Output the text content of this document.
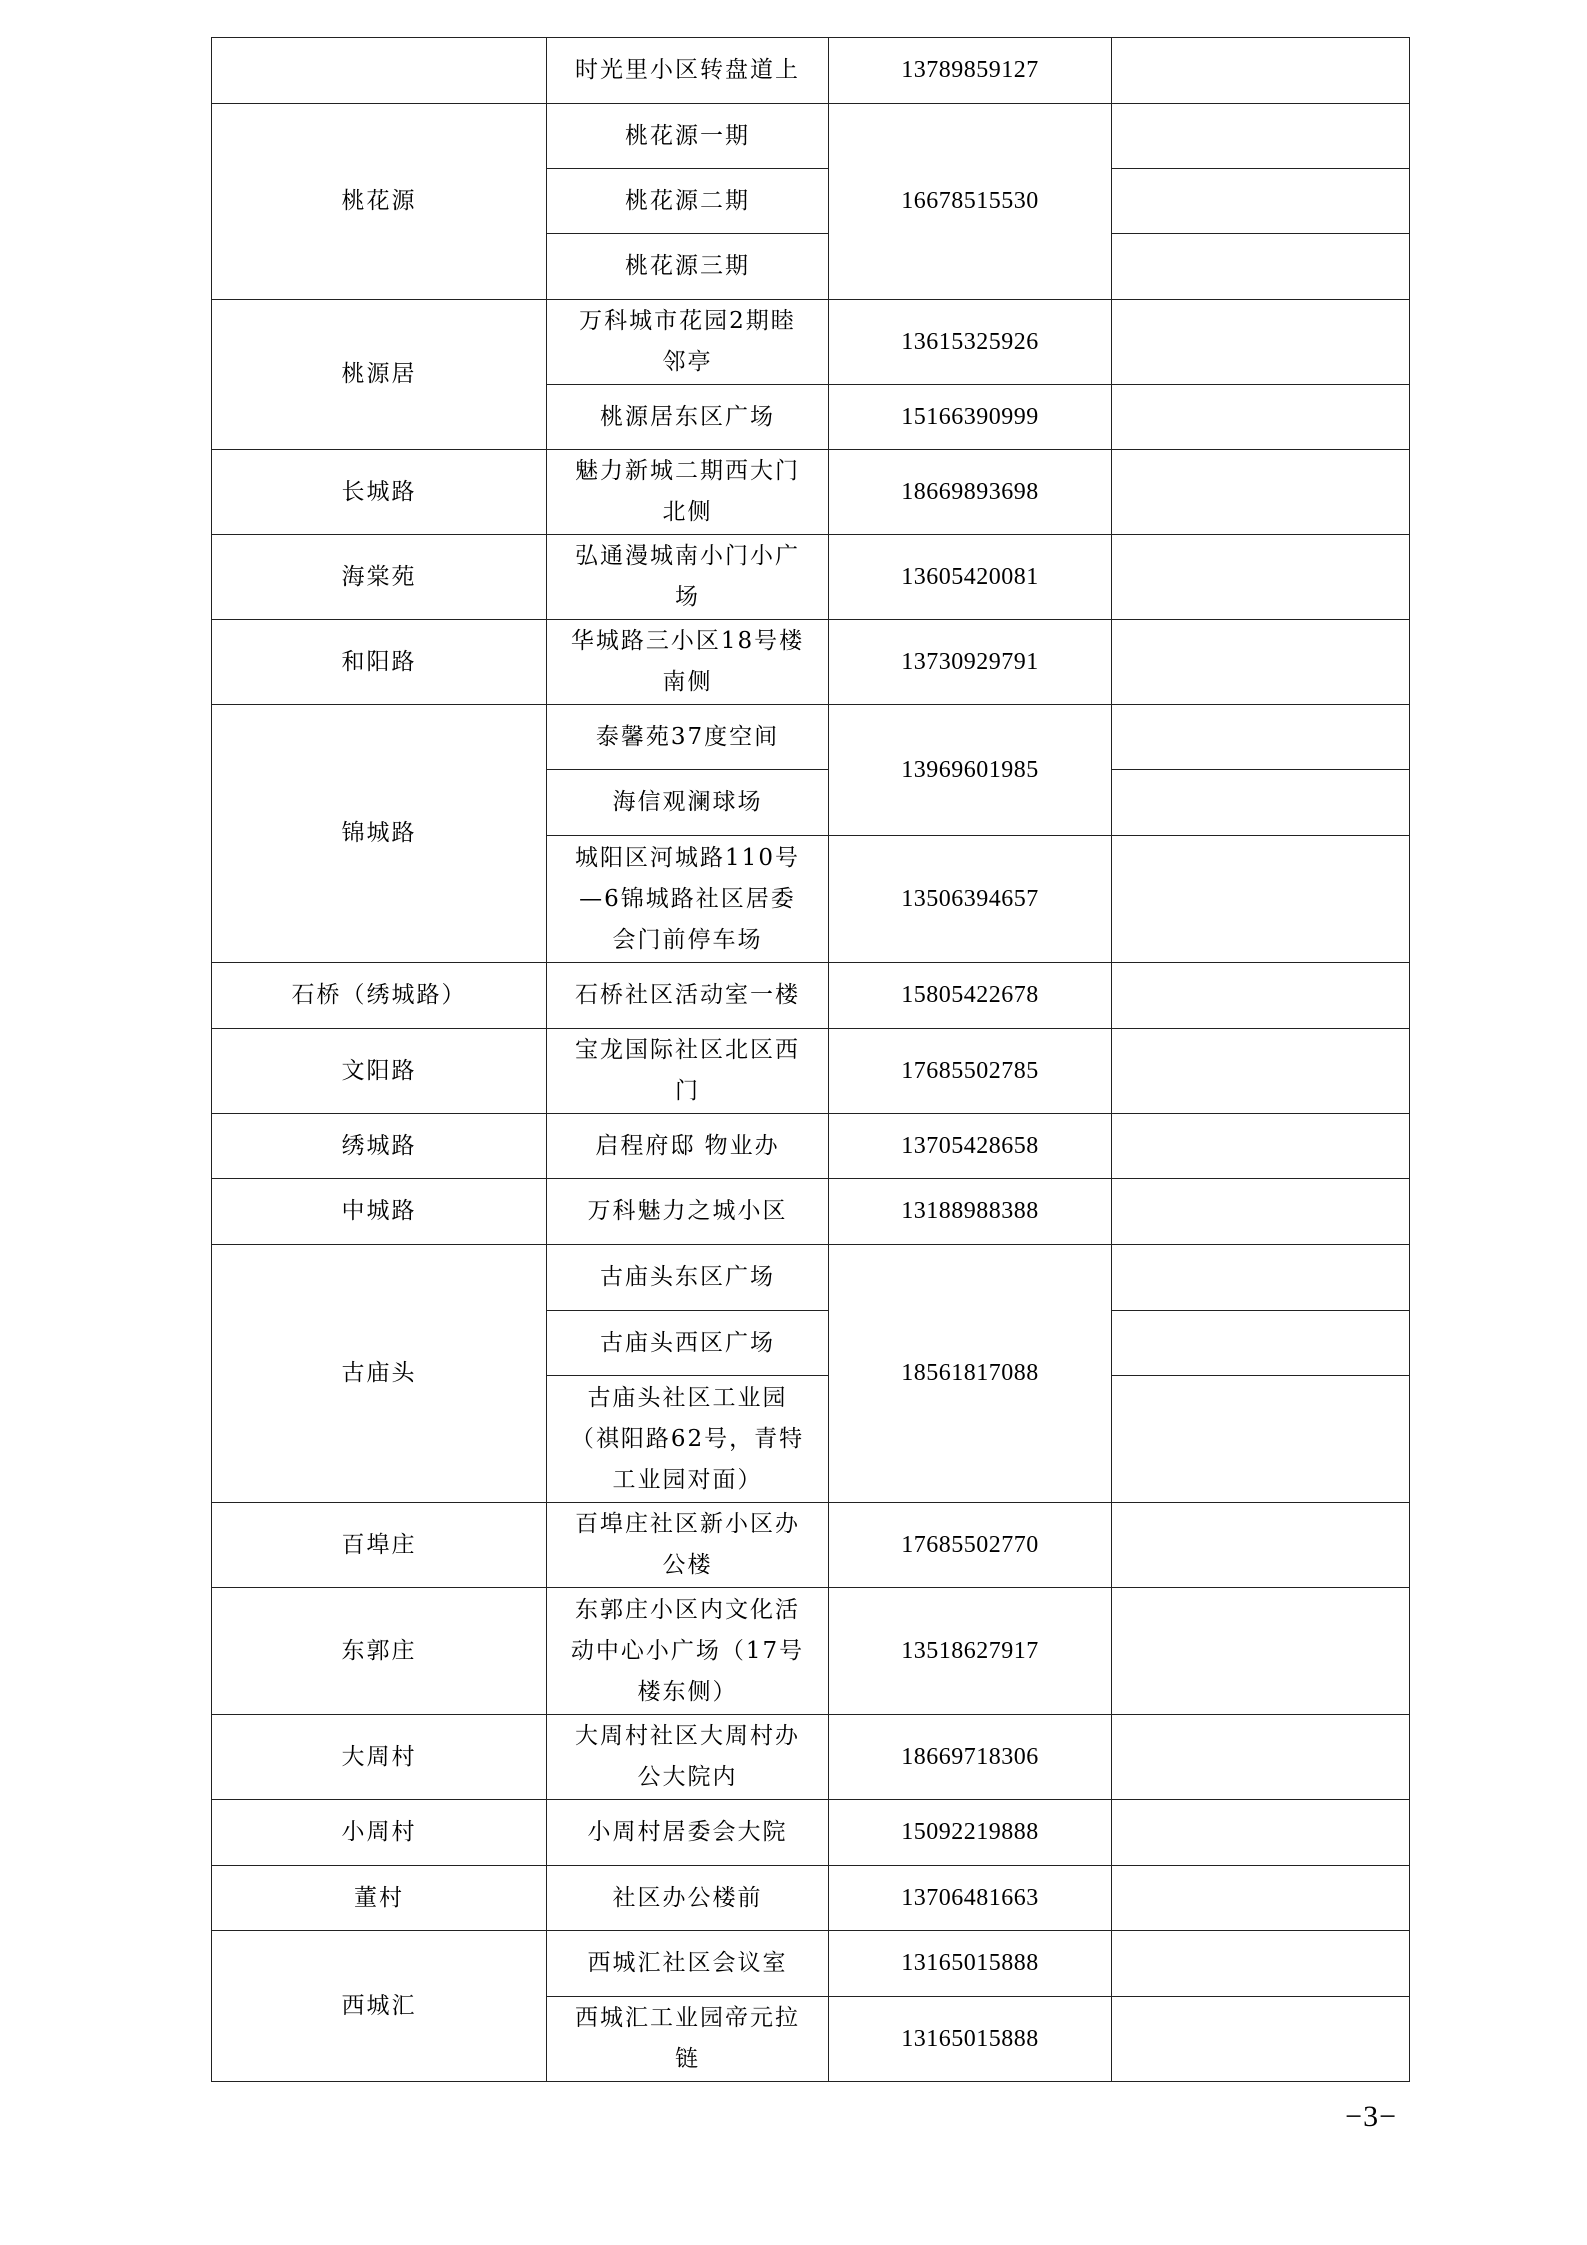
	时光里小区转盘道上	13789859127	
桃花源	桃花源一期	16678515530	
	桃花源二期		
	桃花源三期		
桃源居	万科城市花园2期睦邻亭	13615325926	
	桃源居东区广场	15166390999	
长城路	魅力新城二期西大门北侧	18669893698	
海棠苑	弘通漫城南小门小广场	13605420081	
和阳路	华城路三小区18号楼南侧	13730929791	
锦城路	泰馨苑37度空间	13969601985	
	海信观澜球场		
	城阳区河城路110号—6锦城路社区居委会门前停车场	13506394657	
石桥（绣城路）	石桥社区活动室一楼	15805422678	
文阳路	宝龙国际社区北区西门	17685502785	
绣城路	启程府邸 物业办	13705428658	
中城路	万科魅力之城小区	13188988388	
古庙头	古庙头东区广场	18561817088	
	古庙头西区广场		
	古庙头社区工业园（祺阳路62号，青特工业园对面）		
百埠庄	百埠庄社区新小区办公楼	17685502770	
东郭庄	东郭庄小区内文化活动中心小广场（17号楼东侧）	13518627917	
大周村	大周村社区大周村办公大院内	18669718306	
小周村	小周村居委会大院	15092219888	
董村	社区办公楼前	13706481663	
西城汇	西城汇社区会议室	13165015888	
	西城汇工业园帝元拉链	13165015888	
−3−
